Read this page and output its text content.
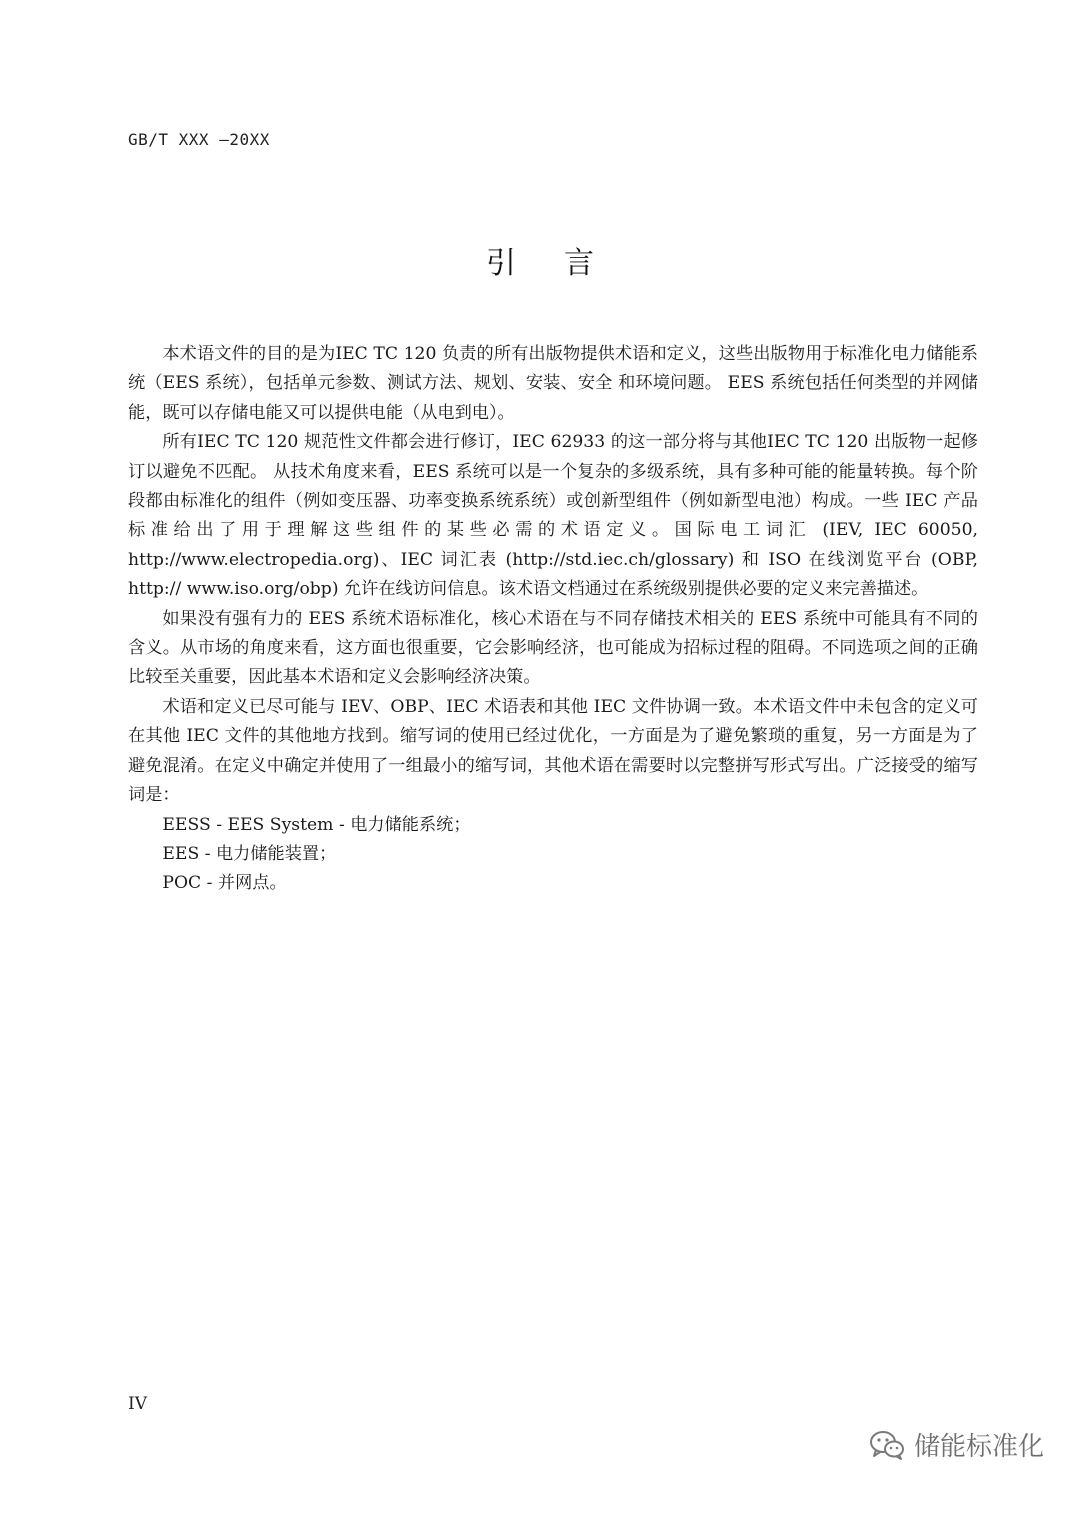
GB/T XXX —20XX
引言

本术语文件的目的是为IEC TC 120 负责的所有出版物提供术语和定义，这些出版物用于标准化电力储能系统（EES 系统），包括单元参数、测试方法、规划、安装、安全 和环境问题。 EES 系统包括任何类型的并网储能，既可以存储电能又可以提供电能（从电到电）。

所有IEC TC 120 规范性文件都会进行修订，IEC 62933 的这一部分将与其他IEC TC 120 出版物一起修订以避免不匹配。 从技术角度来看，EES 系统可以是一个复杂的多级系统，具有多种可能的能量转换。每个阶段都由标准化的组件（例如变压器、功率变换系统系统）或创新型组件（例如新型电池）构成。一些 IEC 产品标准给出了用于理解这些组件的某些必需的术语定义。国际电工词汇 (IEV, IEC 60050, http://www.electropedia.org)、IEC 词汇表 (http://std.iec.ch/glossary) 和 ISO 在线浏览平台 (OBP, http:// www.iso.org/obp) 允许在线访问信息。该术语文档通过在系统级别提供必要的定义来完善描述。

如果没有强有力的 EES 系统术语标准化，核心术语在与不同存储技术相关的 EES 系统中可能具有不同的含义。从市场的角度来看，这方面也很重要，它会影响经济，也可能成为招标过程的阻碍。不同选项之间的正确比较至关重要，因此基本术语和定义会影响经济决策。

术语和定义已尽可能与 IEV、OBP、IEC 术语表和其他 IEC 文件协调一致。本术语文件中未包含的定义可在其他 IEC 文件的其他地方找到。缩写词的使用已经过优化，一方面是为了避免繁琐的重复，另一方面是为了避免混淆。在定义中确定并使用了一组最小的缩写词，其他术语在需要时以完整拼写形式写出。广泛接受的缩写词是：

EESS - EES System - 电力储能系统；
EES - 电力储能装置；
POC - 并网点。
IV
储能标准化
